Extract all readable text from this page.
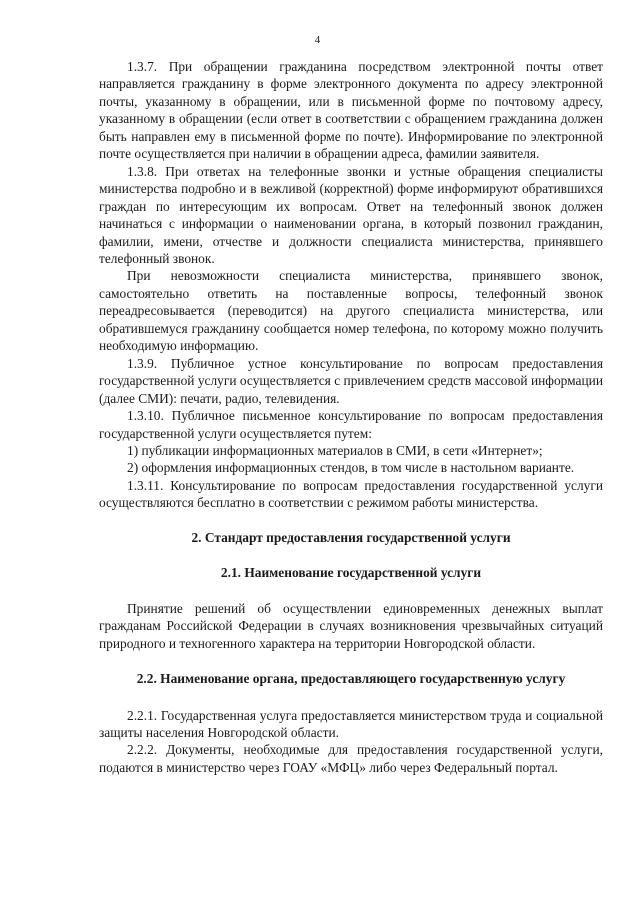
4

1.3.7. При обращении гражданина посредством электронной почты ответ направляется гражданину в форме электронного документа по адресу электронной почты, указанному в обращении, или в письменной форме по почтовому адресу, указанному в обращении (если ответ в соответствии с обращением гражданина должен быть направлен ему в письменной форме по почте). Информирование по электронной почте осуществляется при наличии в обращении адреса, фамилии заявителя.

1.3.8. При ответах на телефонные звонки и устные обращения специалисты министерства подробно и в вежливой (корректной) форме информируют обратившихся граждан по интересующим их вопросам. Ответ на телефонный звонок должен начинаться с информации о наименовании органа, в который позвонил гражданин, фамилии, имени, отчестве и должности специалиста министерства, принявшего телефонный звонок.

При невозможности специалиста министерства, принявшего звонок, самостоятельно ответить на поставленные вопросы, телефонный звонок переадресовывается (переводится) на другого специалиста министерства, или обратившемуся гражданину сообщается номер телефона, по которому можно получить необходимую информацию.

1.3.9. Публичное устное консультирование по вопросам предоставления государственной услуги осуществляется с привлечением средств массовой информации (далее СМИ): печати, радио, телевидения.

1.3.10. Публичное письменное консультирование по вопросам предоставления государственной услуги осуществляется путем:

1) публикации информационных материалов в СМИ, в сети «Интернет»;

2) оформления информационных стендов, в том числе в настольном варианте.

1.3.11. Консультирование по вопросам предоставления государственной услуги осуществляются бесплатно в соответствии с режимом работы министерства.

2. Стандарт предоставления государственной услуги

2.1. Наименование государственной услуги

Принятие решений об осуществлении единовременных денежных выплат гражданам Российской Федерации в случаях возникновения чрезвычайных ситуаций природного и техногенного характера на территории Новгородской области.

2.2. Наименование органа, предоставляющего государственную услугу

2.2.1. Государственная услуга предоставляется министерством труда и социальной защиты населения Новгородской области.

2.2.2. Документы, необходимые для предоставления государственной услуги, подаются в министерство через ГОАУ «МФЦ» либо через Федеральный портал.
